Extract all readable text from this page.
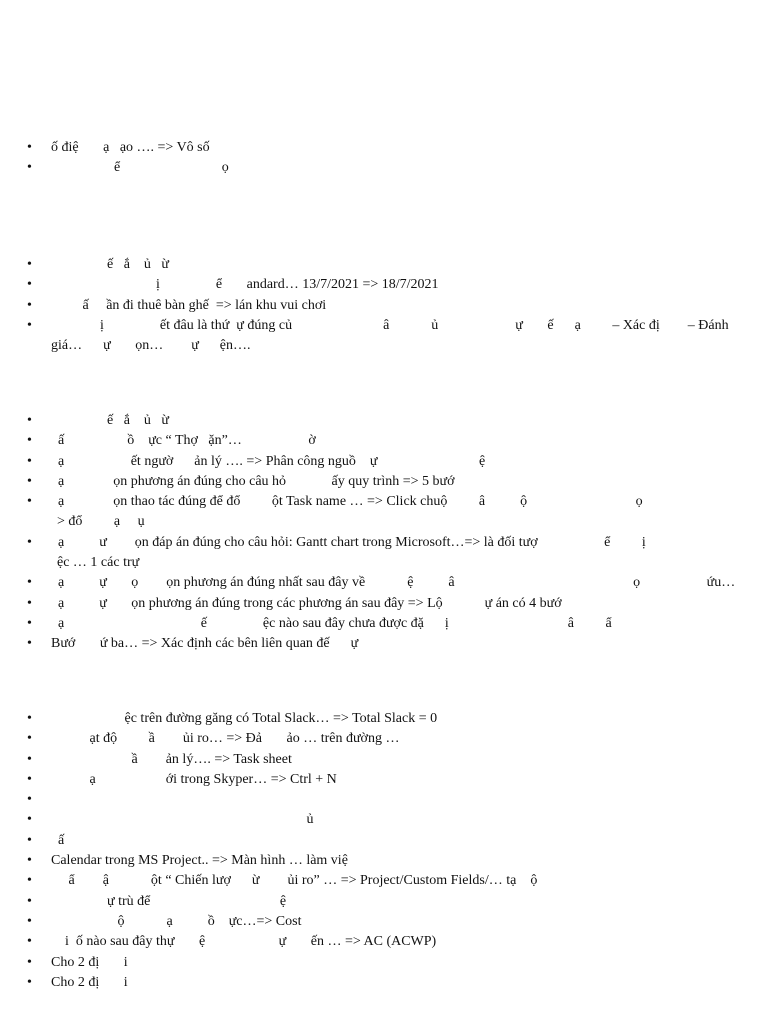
• ố điệ       ạ   ạo …. => Vô số
•                   ể                             ọ
•                 ế   ắ    ủ   ừ
•                               ị                ể       andard… 13/7/2021 => 18/7/2021
•          ấ     ần đi thuê bàn ghế  => lán khu vui chơi
•               ị                ết đâu là thứ  ự đúng củ                          â            ủ                      ự       ế      ạ         – Xác đị        – Đánh
giá…      ự       ọn…        ự      ện….
•                 ế   ắ    ủ   ừ
•   ấ                  ồ    ực “ Thợ   ặn”…                   ờ
•   ạ                   ết ngườ      ản lý …. => Phân công nguồ    ự                             ệ
•   ạ              ọn phương án đúng cho câu hỏ             ấy quy trình => 5 bướ
•   ạ              ọn thao tác đúng để đổ         ột Task name … => Click chuộ         â          ộ                               ọ
> đổ         ạ     ụ
•   ạ          ư        ọn đáp án đúng cho câu hỏi: Gantt chart trong Microsoft…=> là đối tượ                   ể         ị
ệc … 1 các trự
•   ạ          ự       ọ        ọn phương án đúng nhất sau đây về            ệ          â                                                   ọ                   ứu…
•   ạ          ự       ọn phương án đúng trong các phương án sau đây => Lộ            ự án có 4 bướ
•   ạ                                       ế                ệc nào sau đây chưa được đặ      ị                                  â         ẩ
• Bướ       ứ ba… => Xác định các bên liên quan đế      ự
•                      ệc trên đường găng có Total Slack… => Total Slack = 0
•            ạt độ         ầ        ủi ro… => Đả       ảo … trên đường …
•                        ầ        ản lý…. => Task sheet
•            ạ                    ới trong Skyper… => Ctrl + N
•
•                                                                          ủ
•   ấ
• Calendar trong MS Project.. => Màn hình … làm việ
•      ẩ        ậ            ột “ Chiến lượ      ừ        ủi ro” … => Project/Custom Fields/… tạ    ộ
•                 ự trù để                                     ệ
•                    ộ            ạ          ồ    ực…=> Cost
•     i  ố nào sau đây thự       ệ                     ự       ến … => AC (ACWP)
• Cho 2 đị       i
• Cho 2 đị       i
